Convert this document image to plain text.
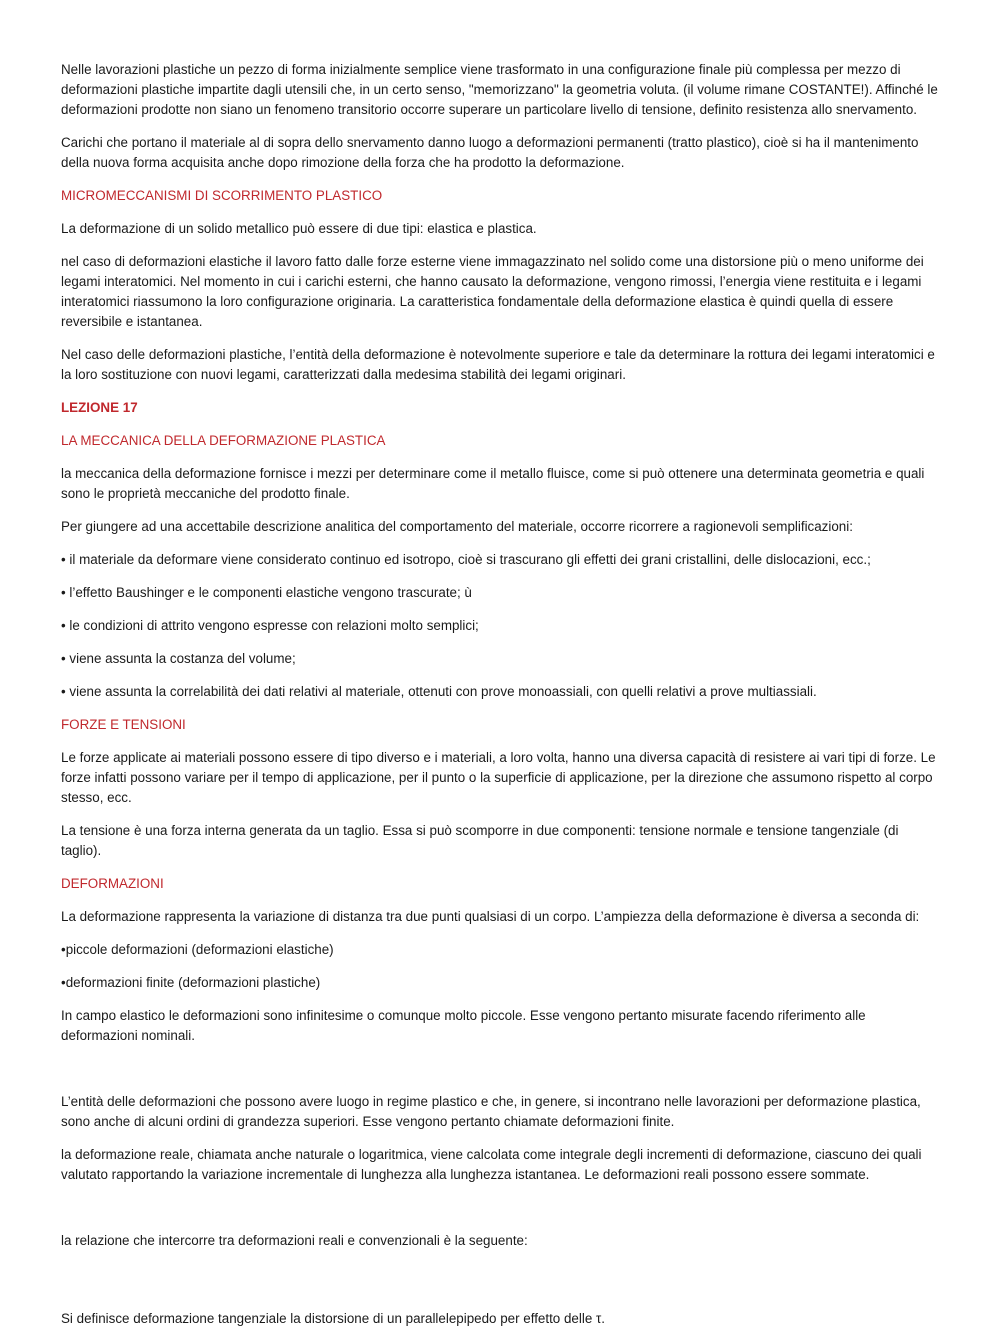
Nelle lavorazioni plastiche un pezzo di forma inizialmente semplice viene trasformato in una configurazione finale più complessa per mezzo di deformazioni plastiche impartite dagli utensili che, in un certo senso, "memorizzano" la geometria voluta. (il volume rimane COSTANTE!). Affinché le deformazioni prodotte non siano un fenomeno transitorio occorre superare un particolare livello di tensione, definito resistenza allo snervamento.

Carichi che portano il materiale al di sopra dello snervamento danno luogo a deformazioni permanenti (tratto plastico), cioè si ha il mantenimento della nuova forma acquisita anche dopo rimozione della forza che ha prodotto la deformazione.

MICROMECCANISMI DI SCORRIMENTO PLASTICO

La deformazione di un solido metallico può essere di due tipi: elastica e plastica.

nel caso di deformazioni elastiche il lavoro fatto dalle forze esterne viene immagazzinato nel solido come una distorsione più o meno uniforme dei legami interatomici. Nel momento in cui i carichi esterni, che hanno causato la deformazione, vengono rimossi, l’energia viene restituita e i legami interatomici riassumono la loro configurazione originaria. La caratteristica fondamentale della deformazione elastica è quindi quella di essere reversibile e istantanea.

Nel caso delle deformazioni plastiche, l’entità della deformazione è notevolmente superiore e tale da determinare la rottura dei legami interatomici e la loro sostituzione con nuovi legami, caratterizzati dalla medesima stabilità dei legami originari.

LEZIONE 17

LA MECCANICA DELLA DEFORMAZIONE PLASTICA

la meccanica della deformazione fornisce i mezzi per determinare come il metallo fluisce, come si può ottenere una determinata geometria e quali sono le proprietà meccaniche del prodotto finale.

Per giungere ad una accettabile descrizione analitica del comportamento del materiale, occorre ricorrere a ragionevoli semplificazioni:

• il materiale da deformare viene considerato continuo ed isotropo, cioè si trascurano gli effetti dei grani cristallini, delle dislocazioni, ecc.;

• l’effetto Baushinger e le componenti elastiche vengono trascurate; ù

• le condizioni di attrito vengono espresse con relazioni molto semplici;

• viene assunta la costanza del volume;

• viene assunta la correlabilità dei dati relativi al materiale, ottenuti con prove monoassiali, con quelli relativi a prove multiassiali.

FORZE E TENSIONI

Le forze applicate ai materiali possono essere di tipo diverso e i materiali, a loro volta, hanno una diversa capacità di resistere ai vari tipi di forze. Le forze infatti possono variare per il tempo di applicazione, per il punto o la superficie di applicazione, per la direzione che assumono rispetto al corpo stesso, ecc.

La tensione è una forza interna generata da un taglio. Essa si può scomporre in due componenti: tensione normale e tensione tangenziale (di taglio).

DEFORMAZIONI

La deformazione rappresenta la variazione di distanza tra due punti qualsiasi di un corpo. L’ampiezza della deformazione è diversa a seconda di:

•piccole deformazioni (deformazioni elastiche)

•deformazioni finite (deformazioni plastiche)

In campo elastico le deformazioni sono infinitesime o comunque molto piccole. Esse vengono pertanto misurate facendo riferimento alle deformazioni nominali.

L’entità delle deformazioni che possono avere luogo in regime plastico e che, in genere, si incontrano nelle lavorazioni per deformazione plastica, sono anche di alcuni ordini di grandezza superiori. Esse vengono pertanto chiamate deformazioni finite.

la deformazione reale, chiamata anche naturale o logaritmica, viene calcolata come integrale degli incrementi di deformazione, ciascuno dei quali valutato rapportando la variazione incrementale di lunghezza alla lunghezza istantanea. Le deformazioni reali possono essere sommate.

la relazione che intercorre tra deformazioni reali e convenzionali è la seguente:

Si definisce deformazione tangenziale la distorsione di un parallelepipedo per effetto delle τ.
